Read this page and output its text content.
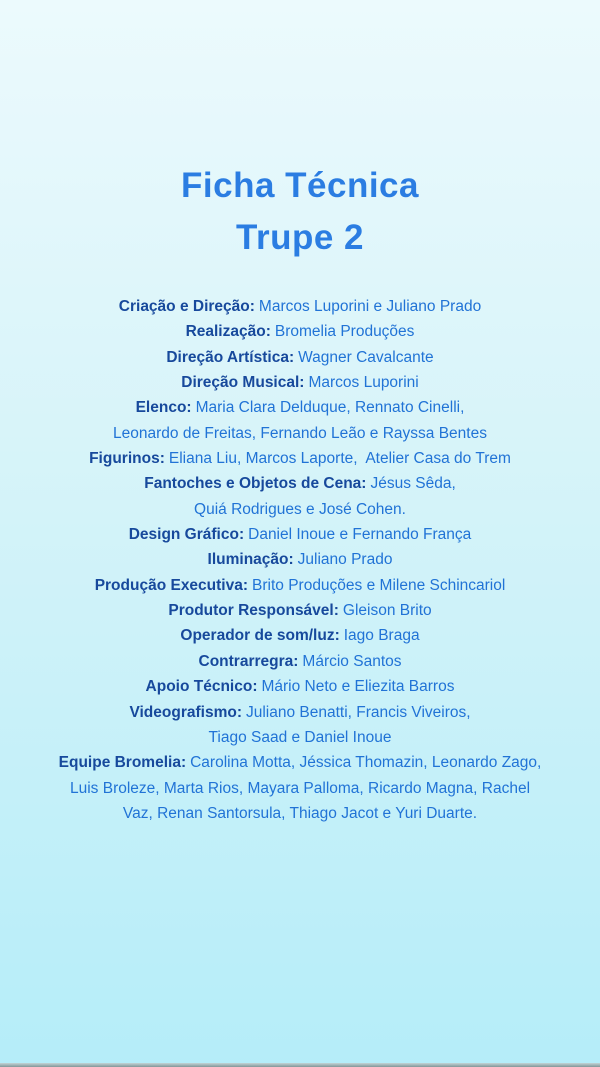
Ficha Técnica
Trupe 2
Criação e Direção: Marcos Luporini e Juliano Prado
Realização: Bromelia Produções
Direção Artística: Wagner Cavalcante
Direção Musical: Marcos Luporini
Elenco: Maria Clara Delduque, Rennato Cinelli,
Leonardo de Freitas, Fernando Leão e Rayssa Bentes
Figurinos: Eliana Liu, Marcos Laporte,  Atelier Casa do Trem
Fantoches e Objetos de Cena: Jésus Sêda,
Quiá Rodrigues e José Cohen.
Design Gráfico: Daniel Inoue e Fernando França
Iluminação: Juliano Prado
Produção Executiva: Brito Produções e Milene Schincariol
Produtor Responsável: Gleison Brito
Operador de som/luz: Iago Braga
Contrarregra: Márcio Santos
Apoio Técnico: Mário Neto e Eliezita Barros
Videografismo: Juliano Benatti, Francis Viveiros,
Tiago Saad e Daniel Inoue
Equipe Bromelia: Carolina Motta, Jéssica Thomazin, Leonardo Zago,
Luis Broleze, Marta Rios, Mayara Palloma, Ricardo Magna, Rachel
Vaz, Renan Santorsula, Thiago Jacot e Yuri Duarte.
